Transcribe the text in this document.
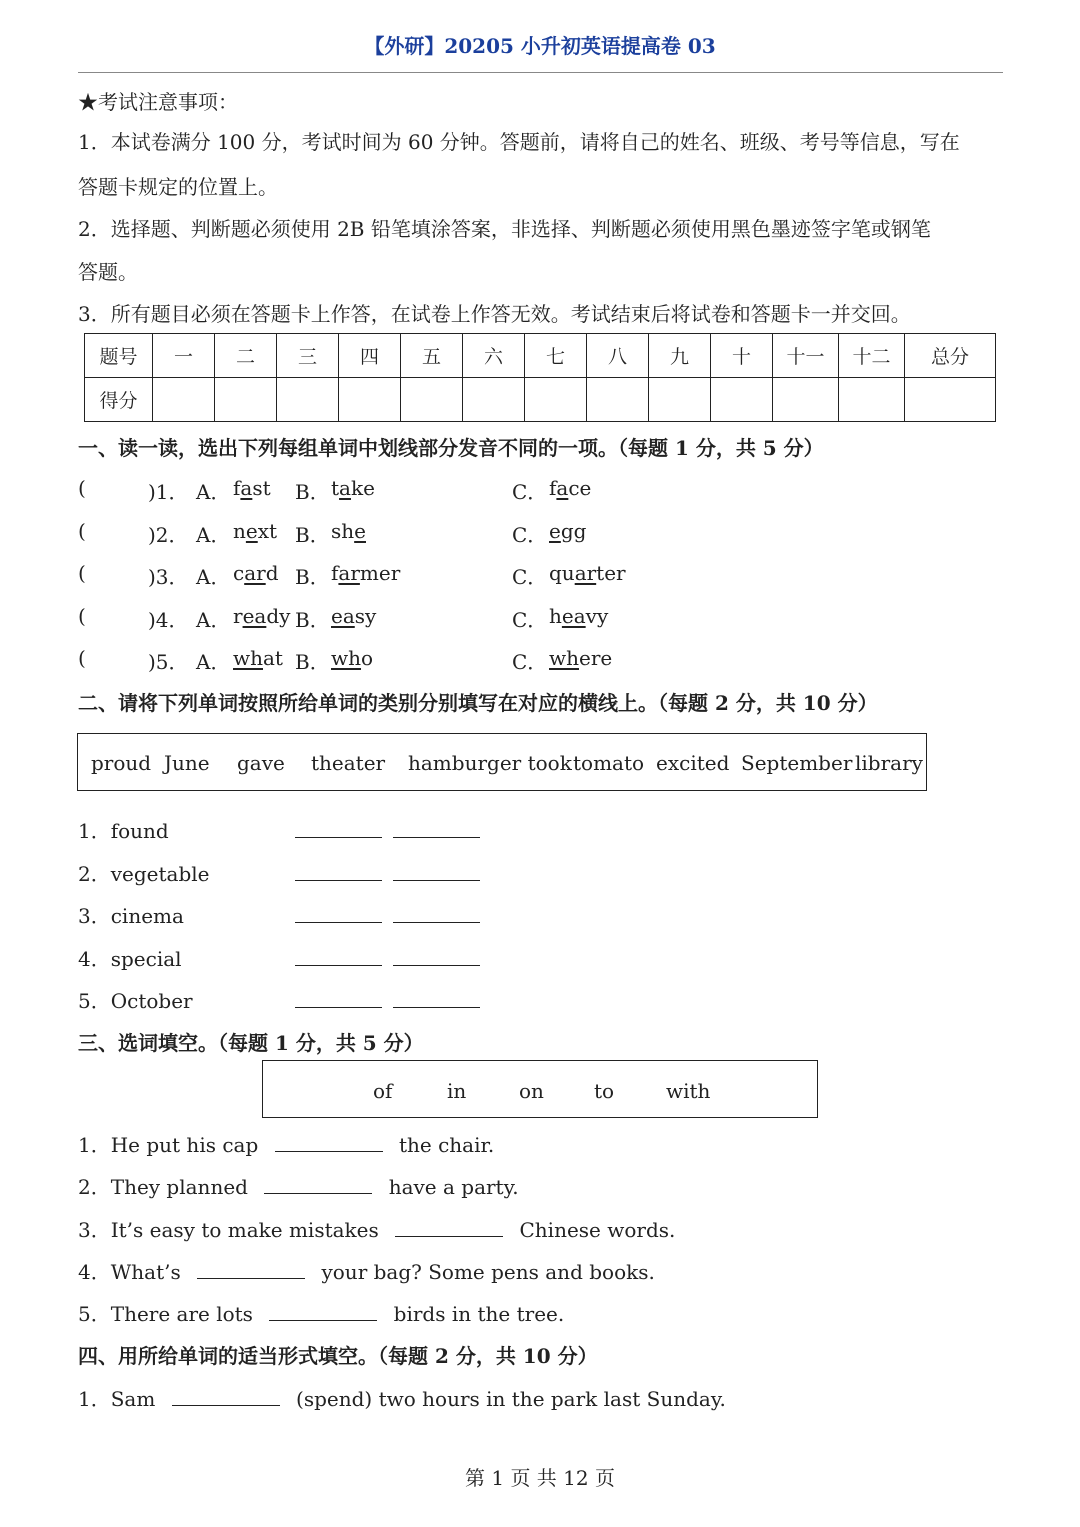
【外研】20205 小升初英语提高卷 03
★考试注意事项：
1．本试卷满分 100 分，考试时间为 60 分钟。答题前，请将自己的姓名、班级、考号等信息，写在
答题卡规定的位置上。
2．选择题、判断题必须使用 2B 铅笔填涂答案，非选择、判断题必须使用黑色墨迹签字笔或钢笔
答题。
3．所有题目必须在答题卡上作答，在试卷上作答无效。考试结束后将试卷和答题卡一并交回。
题号	一	二	三	四	五	六	七	八	九	十	十一	十二	总分
得分													
一、读一读，选出下列每组单词中划线部分发音不同的一项。（每题 1 分，共 5 分）
(	)1． A． fast B． take	C． face
(	)2． A． next B． she	C． egg
(	)3． A． card B． farmer	C． quarter
(	)4． A． ready B． easy	C． heavy
(	)5． A． what B． who	C． where
二、请将下列单词按照所给单词的类别分别填写在对应的横线上。（每题 2 分，共 10 分）
proud June gave theater hamburger took tomato excited September library
1．found
2．vegetable
3．cinema
4．special
5．October
三、选词填空。（每题 1 分，共 5 分）
of	in	on	to	with
1．He put his cap	the chair.
2．They planned	have a party.
3．It’s easy to make mistakes	Chinese words.
4．What’s	your bag? Some pens and books.
5．There are lots	birds in the tree.
四、用所给单词的适当形式填空。（每题 2 分，共 10 分）
1．Sam	(spend) two hours in the park last Sunday.
第 1 页 共 12 页
